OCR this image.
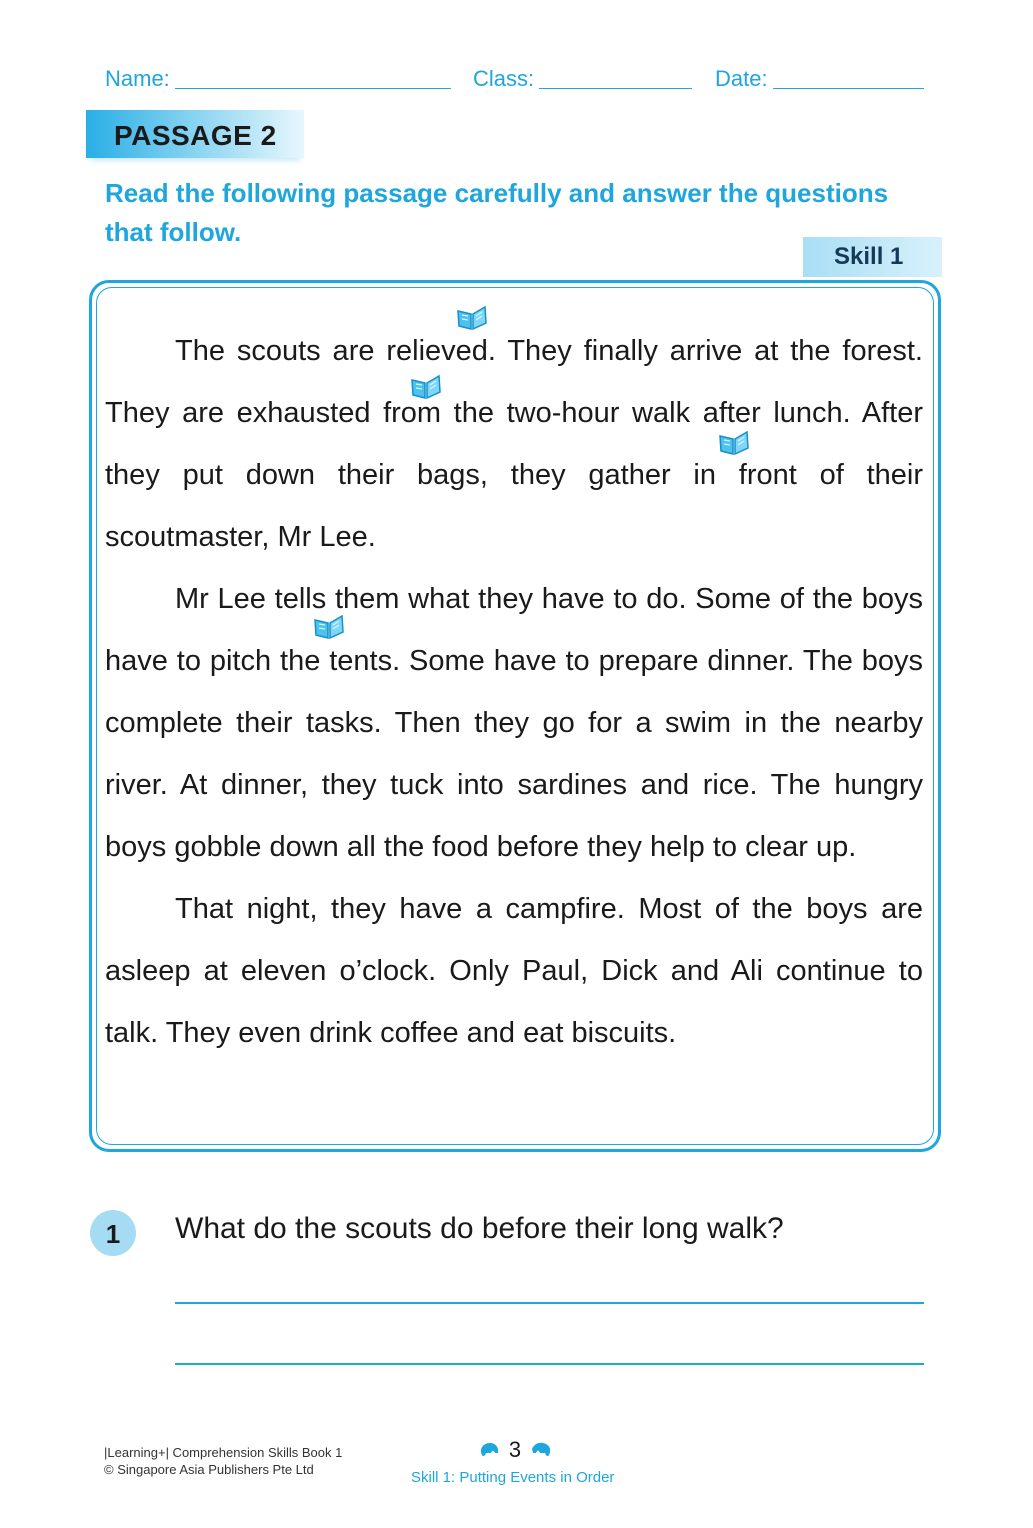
Name:	Class:	Date:
PASSAGE 2
Read the following passage carefully and answer the questions that follow.
Skill 1

The scouts are relieved. They finally arrive at the forest. They are exhausted from the two-hour walk after lunch. After they put down their bags, they gather in front of their scoutmaster, Mr Lee.

Mr Lee tells them what they have to do. Some of the boys have to pitch the tents. Some have to prepare dinner. The boys complete their tasks. Then they go for a swim in the nearby river. At dinner, they tuck into sardines and rice. The hungry boys gobble down all the food before they help to clear up.

That night, they have a campfire. Most of the boys are asleep at eleven o’clock. Only Paul, Dick and Ali continue to talk. They even drink coffee and eat biscuits.

1	What do the scouts do before their long walk?
|Learning+| Comprehension Skills Book 1
© Singapore Asia Publishers Pte Ltd
3
Skill 1: Putting Events in Order
